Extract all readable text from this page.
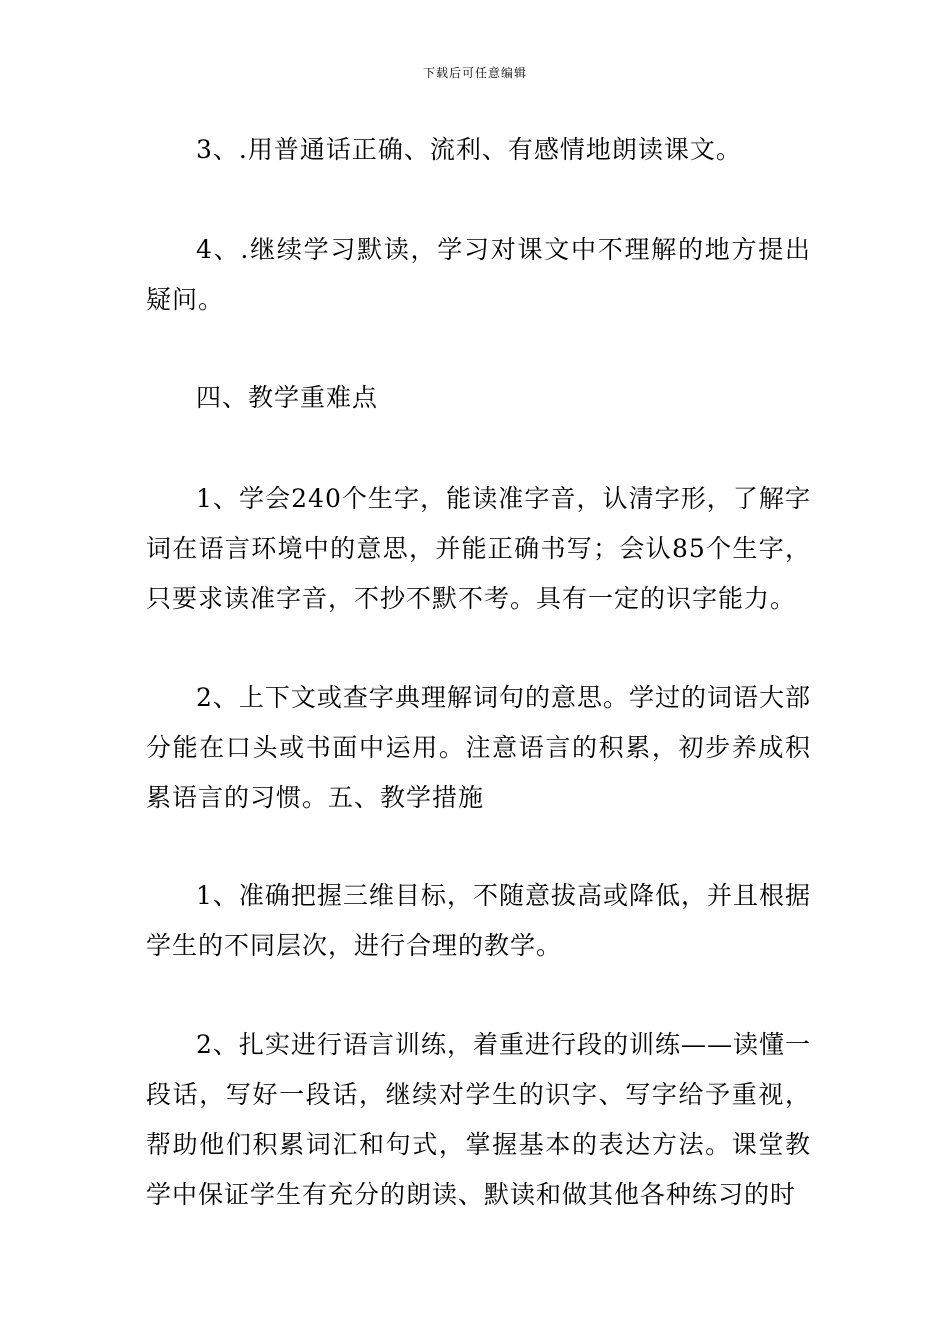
下载后可任意编辑

3、.用普通话正确、流利、有感情地朗读课文。

4、.继续学习默读，学习对课文中不理解的地方提出疑问。

四、教学重难点

1、学会240个生字，能读准字音，认清字形，了解字词在语言环境中的意思，并能正确书写；会认85个生字，只要求读准字音，不抄不默不考。具有一定的识字能力。

2、上下文或查字典理解词句的意思。学过的词语大部分能在口头或书面中运用。注意语言的积累，初步养成积累语言的习惯。五、教学措施

1、准确把握三维目标，不随意拔高或降低，并且根据学生的不同层次，进行合理的教学。

2、扎实进行语言训练，着重进行段的训练——读懂一段话，写好一段话，继续对学生的识字、写字给予重视，帮助他们积累词汇和句式，掌握基本的表达方法。课堂教学中保证学生有充分的朗读、默读和做其他各种练习的时
